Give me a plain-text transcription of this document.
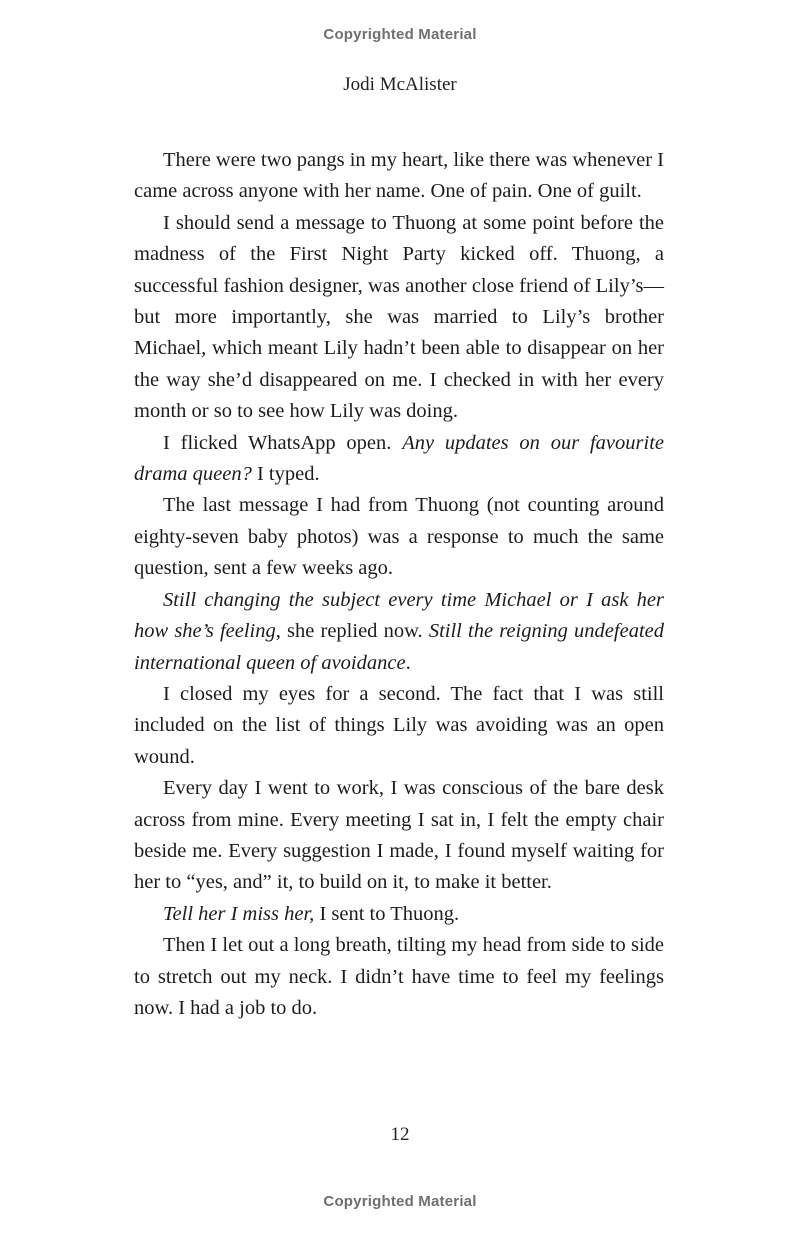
Copyrighted Material
Jodi McAlister

There were two pangs in my heart, like there was whenever I came across anyone with her name. One of pain. One of guilt.

I should send a message to Thuong at some point before the madness of the First Night Party kicked off. Thuong, a successful fashion designer, was another close friend of Lily’s—but more importantly, she was married to Lily’s brother Michael, which meant Lily hadn’t been able to disappear on her the way she’d disappeared on me. I checked in with her every month or so to see how Lily was doing.

I flicked WhatsApp open. Any updates on our favourite drama queen? I typed.

The last message I had from Thuong (not counting around eighty-seven baby photos) was a response to much the same question, sent a few weeks ago.

Still changing the subject every time Michael or I ask her how she’s feeling, she replied now. Still the reigning undefeated international queen of avoidance.

I closed my eyes for a second. The fact that I was still included on the list of things Lily was avoiding was an open wound.

Every day I went to work, I was conscious of the bare desk across from mine. Every meeting I sat in, I felt the empty chair beside me. Every suggestion I made, I found myself waiting for her to “yes, and” it, to build on it, to make it better.

Tell her I miss her, I sent to Thuong.

Then I let out a long breath, tilting my head from side to side to stretch out my neck. I didn’t have time to feel my feelings now. I had a job to do.

12
Copyrighted Material
